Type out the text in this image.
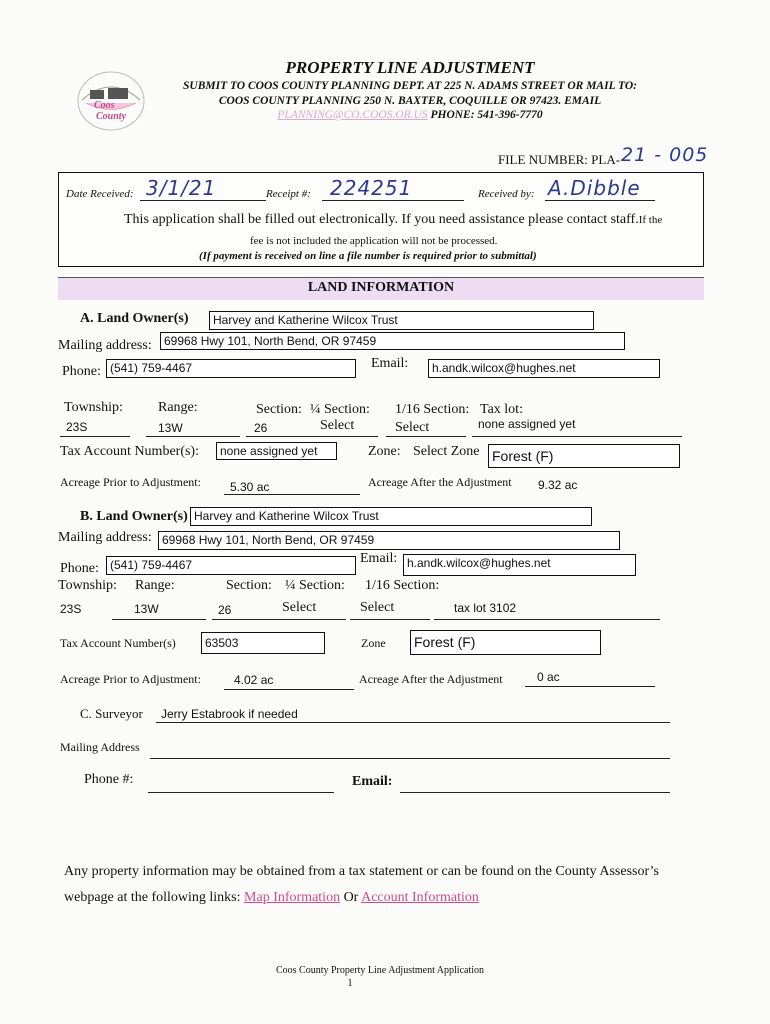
Coos
County
PROPERTY LINE ADJUSTMENT
SUBMIT TO COOS COUNTY PLANNING DEPT. AT 225 N. ADAMS STREET OR MAIL TO:
COOS COUNTY PLANNING 250 N. BAXTER, COQUILLE OR 97423. EMAIL
PLANNING@CO.COOS.OR.US PHONE: 541-396-7770
FILE NUMBER: PLA- 21 - 005
Date Received: 3/1/21	Receipt #: 224251	Received by: A.Dibble
This application shall be filled out electronically. If you need assistance please contact staff.If the
fee is not included the application will not be processed.
(If payment is received on line a file number is required prior to submittal)
LAND INFORMATION
A. Land Owner(s)	Harvey and Katherine Wilcox Trust
Mailing address:	69968 Hwy 101, North Bend, OR 97459
Phone: (541) 759-4467	Email:	h.andk.wilcox@hughes.net
Township:	Range:	Section: ¼ Section: 1/16 Section: Tax lot:
23S	13W	26	Select	Select	none assigned yet
Tax Account Number(s):	none assigned yet	Zone: Select Zone Forest (F)
Acreage Prior to Adjustment: 5.30 ac	Acreage After the Adjustment 9.32 ac
B. Land Owner(s) Harvey and Katherine Wilcox Trust
Mailing address: 69968 Hwy 101, North Bend, OR 97459
Phone: (541) 759-4467	Email: h.andk.wilcox@hughes.net
Township: Range:	Section: ¼ Section: 1/16 Section:
23S	13W	26	Select	Select	tax lot 3102
Tax Account Number(s)	63503	Zone Forest (F)
Acreage Prior to Adjustment:	4.02 ac	Acreage After the Adjustment	0 ac
C. Surveyor Jerry Estabrook if needed
Mailing Address
Phone #:	Email:
Any property information may be obtained from a tax statement or can be found on the County Assessor’s
webpage at the following links: Map Information Or Account Information
Coos County Property Line Adjustment Application
1
